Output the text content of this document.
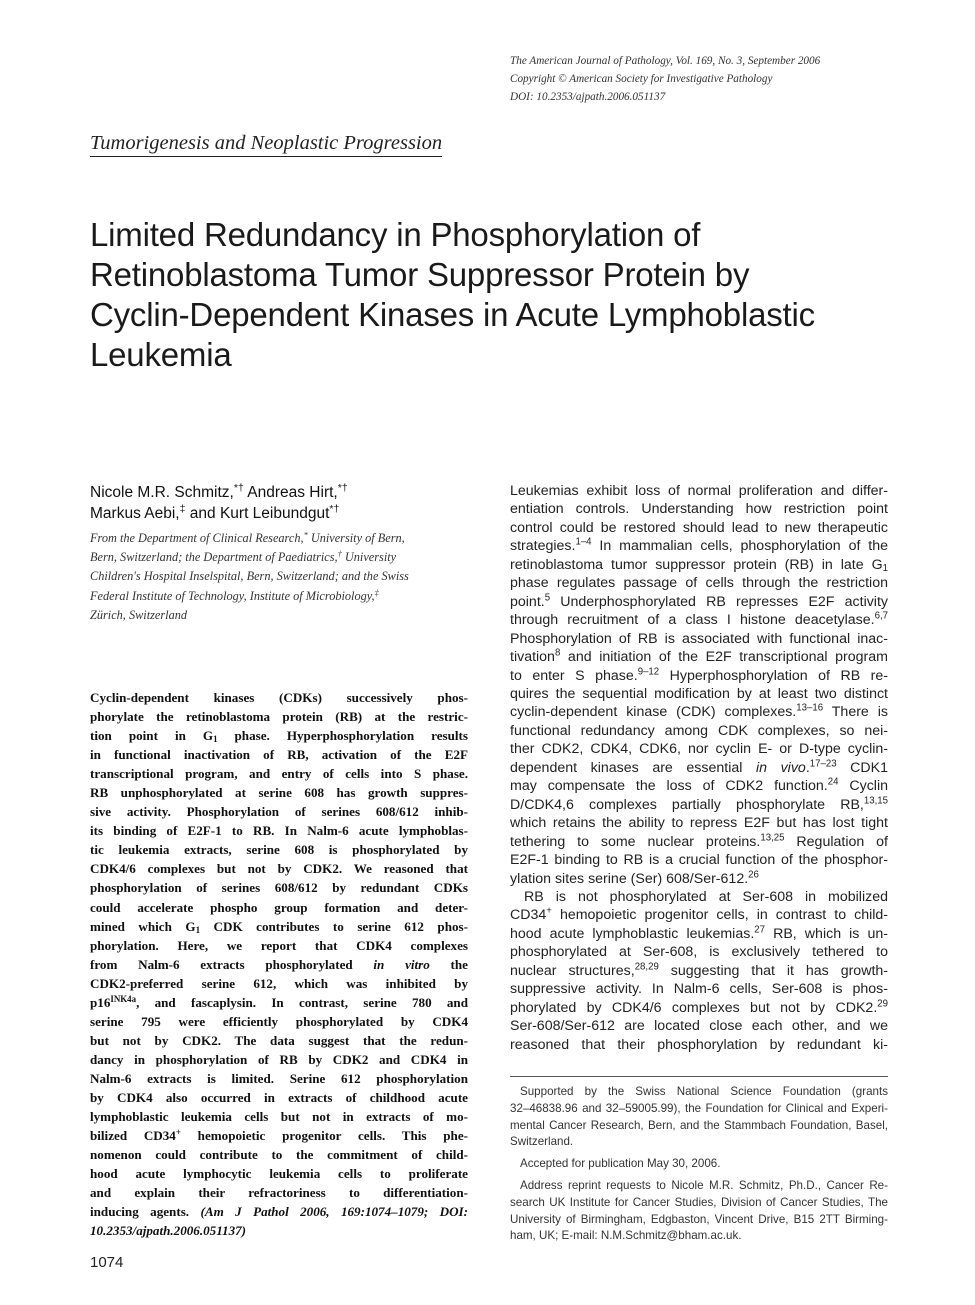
The American Journal of Pathology, Vol. 169, No. 3, September 2006
Copyright © American Society for Investigative Pathology
DOI: 10.2353/ajpath.2006.051137
Tumorigenesis and Neoplastic Progression
Limited Redundancy in Phosphorylation of
Retinoblastoma Tumor Suppressor Protein by
Cyclin-Dependent Kinases in Acute Lymphoblastic
Leukemia
Nicole M.R. Schmitz,*† Andreas Hirt,*†
Markus Aebi,‡ and Kurt Leibundgut*†
From the Department of Clinical Research,* University of Bern,
Bern, Switzerland; the Department of Paediatrics,† University
Children's Hospital Inselspital, Bern, Switzerland; and the Swiss
Federal Institute of Technology, Institute of Microbiology,‡
Zürich, Switzerland
Cyclin-dependent kinases (CDKs) successively phos-
phorylate the retinoblastoma protein (RB) at the restric-
tion point in $G_1$ phase. Hyperphosphorylation results
in functional inactivation of RB, activation of the E2F
transcriptional program, and entry of cells into S phase.
RB unphosphorylated at serine 608 has growth suppres-
sive activity. Phosphorylation of serines 608/612 inhib-
its binding of E2F-1 to RB. In Nalm-6 acute lymphoblas-
tic leukemia extracts, serine 608 is phosphorylated by
CDK4/6 complexes but not by CDK2. We reasoned that
phosphorylation of serines 608/612 by redundant CDKs
could accelerate phospho group formation and deter-
mined which $G_1$ CDK contributes to serine 612 phos-
phorylation. Here, we report that CDK4 complexes
from Nalm-6 extracts phosphorylated in vitro the
CDK2-preferred serine 612, which was inhibited by
$p16^{INK4a}$, and fascaplysin. In contrast, serine 780 and
serine 795 were efficiently phosphorylated by CDK4
but not by CDK2. The data suggest that the redun-
dancy in phosphorylation of RB by CDK2 and CDK4 in
Nalm-6 extracts is limited. Serine 612 phosphorylation
by CDK4 also occurred in extracts of childhood acute
lymphoblastic leukemia cells but not in extracts of mo-
bilized CD34+ hemopoietic progenitor cells. This phe-
nomenon could contribute to the commitment of child-
hood acute lymphocytic leukemia cells to proliferate
and explain their refractoriness to differentiation-
inducing agents. (Am J Pathol 2006, 169:1074–1079; DOI:
10.2353/ajpath.2006.051137)
Leukemias exhibit loss of normal proliferation and differ-
entiation controls. Understanding how restriction point
control could be restored should lead to new therapeutic
strategies.$^{1-4}$ In mammalian cells, phosphorylation of the
retinoblastoma tumor suppressor protein (RB) in late $G_1$
phase regulates passage of cells through the restriction
point.$^5$ Underphosphorylated RB represses E2F activity
through recruitment of a class I histone deacetylase.$^{6,7}$
Phosphorylation of RB is associated with functional inac-
tivation$^8$ and initiation of the E2F transcriptional program
to enter S phase.$^{9-12}$ Hyperphosphorylation of RB re-
quires the sequential modification by at least two distinct
cyclin-dependent kinase (CDK) complexes.$^{13-16}$ There is
functional redundancy among CDK complexes, so nei-
ther CDK2, CDK4, CDK6, nor cyclin E- or D-type cyclin-
dependent kinases are essential in vivo.$^{17-23}$ CDK1
may compensate the loss of CDK2 function.$^{24}$ Cyclin
D/CDK4,6 complexes partially phosphorylate RB,$^{13,15}$
which retains the ability to repress E2F but has lost tight
tethering to some nuclear proteins.$^{13,25}$ Regulation of
E2F-1 binding to RB is a crucial function of the phosphor-
ylation sites serine (Ser) 608/Ser-612.26
RB is not phosphorylated at Ser-608 in mobilized
CD34+ hemopoietic progenitor cells, in contrast to child-
hood acute lymphoblastic leukemias.$^{27}$ RB, which is un-
phosphorylated at Ser-608, is exclusively tethered to
nuclear structures,$^{28,29}$ suggesting that it has growth-
suppressive activity. In Nalm-6 cells, Ser-608 is phos-
phorylated by CDK4/6 complexes but not by CDK2.29
Ser-608/Ser-612 are located close each other, and we
reasoned that their phosphorylation by redundant ki-
Supported by the Swiss National Science Foundation (grants
32–46838.96 and 32–59005.99), the Foundation for Clinical and Experi-
mental Cancer Research, Bern, and the Stammbach Foundation, Basel,
Switzerland.
Accepted for publication May 30, 2006.
Address reprint requests to Nicole M.R. Schmitz, Ph.D., Cancer Re-
search UK Institute for Cancer Studies, Division of Cancer Studies, The
University of Birmingham, Edgbaston, Vincent Drive, B15 2TT Birming-
ham, UK; E-mail: N.M.Schmitz@bham.ac.uk.
1074
